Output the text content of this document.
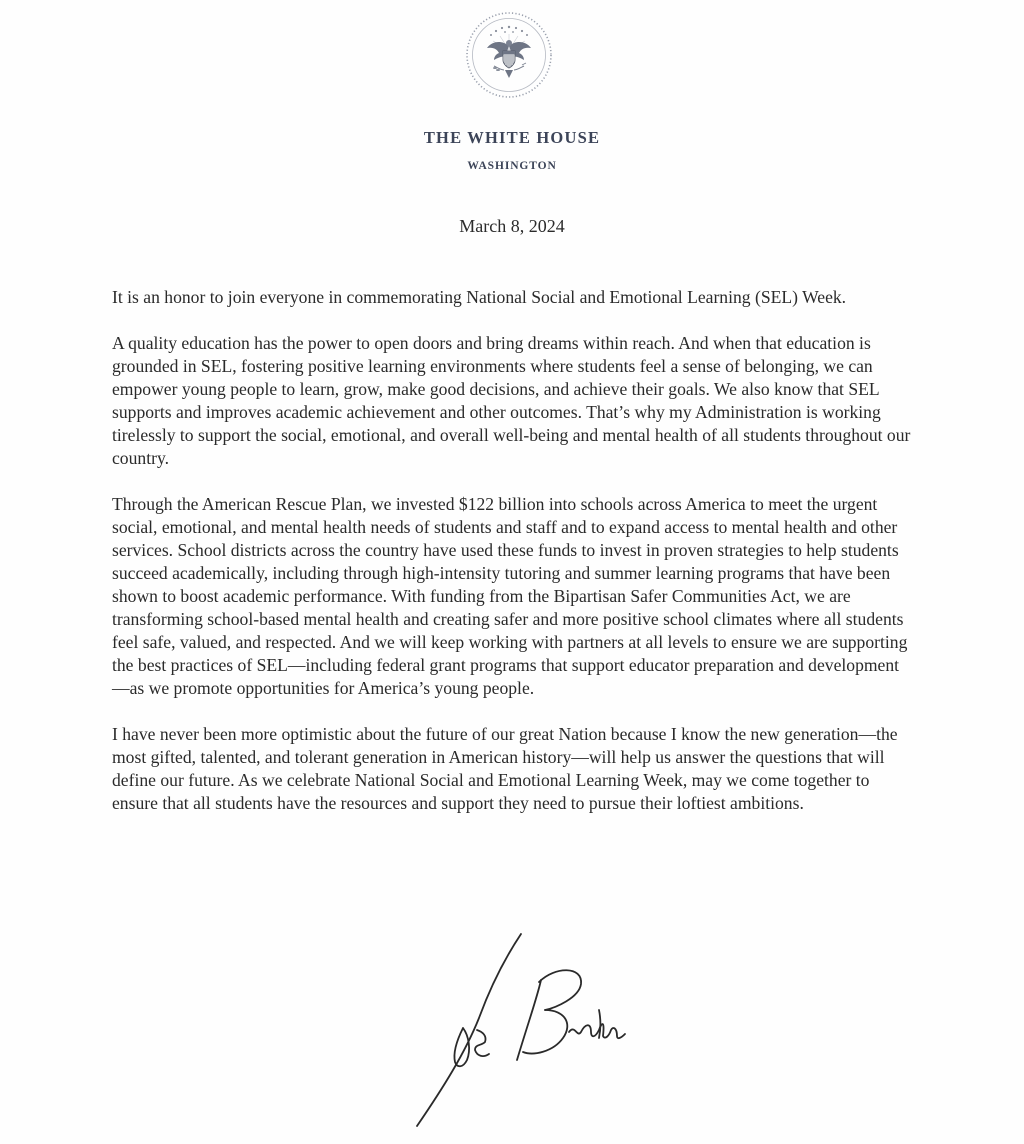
THE WHITE HOUSE
WASHINGTON
March 8, 2024

It is an honor to join everyone in commemorating National Social and Emotional Learning (SEL) Week.

A quality education has the power to open doors and bring dreams within reach. And when that education is grounded in SEL, fostering positive learning environments where students feel a sense of belonging, we can empower young people to learn, grow, make good decisions, and achieve their goals. We also know that SEL supports and improves academic achievement and other outcomes. That’s why my Administration is working tirelessly to support the social, emotional, and overall well-being and mental health of all students throughout our country.

Through the American Rescue Plan, we invested $122 billion into schools across America to meet the urgent social, emotional, and mental health needs of students and staff and to expand access to mental health and other services. School districts across the country have used these funds to invest in proven strategies to help students succeed academically, including through high-intensity tutoring and summer learning programs that have been shown to boost academic performance. With funding from the Bipartisan Safer Communities Act, we are transforming school-based mental health and creating safer and more positive school climates where all students feel safe, valued, and respected. And we will keep working with partners at all levels to ensure we are supporting the best practices of SEL—including federal grant programs that support educator preparation and development—as we promote opportunities for America’s young people.

I have never been more optimistic about the future of our great Nation because I know the new generation—the most gifted, talented, and tolerant generation in American history—will help us answer the questions that will define our future. As we celebrate National Social and Emotional Learning Week, may we come together to ensure that all students have the resources and support they need to pursue their loftiest ambitions.
